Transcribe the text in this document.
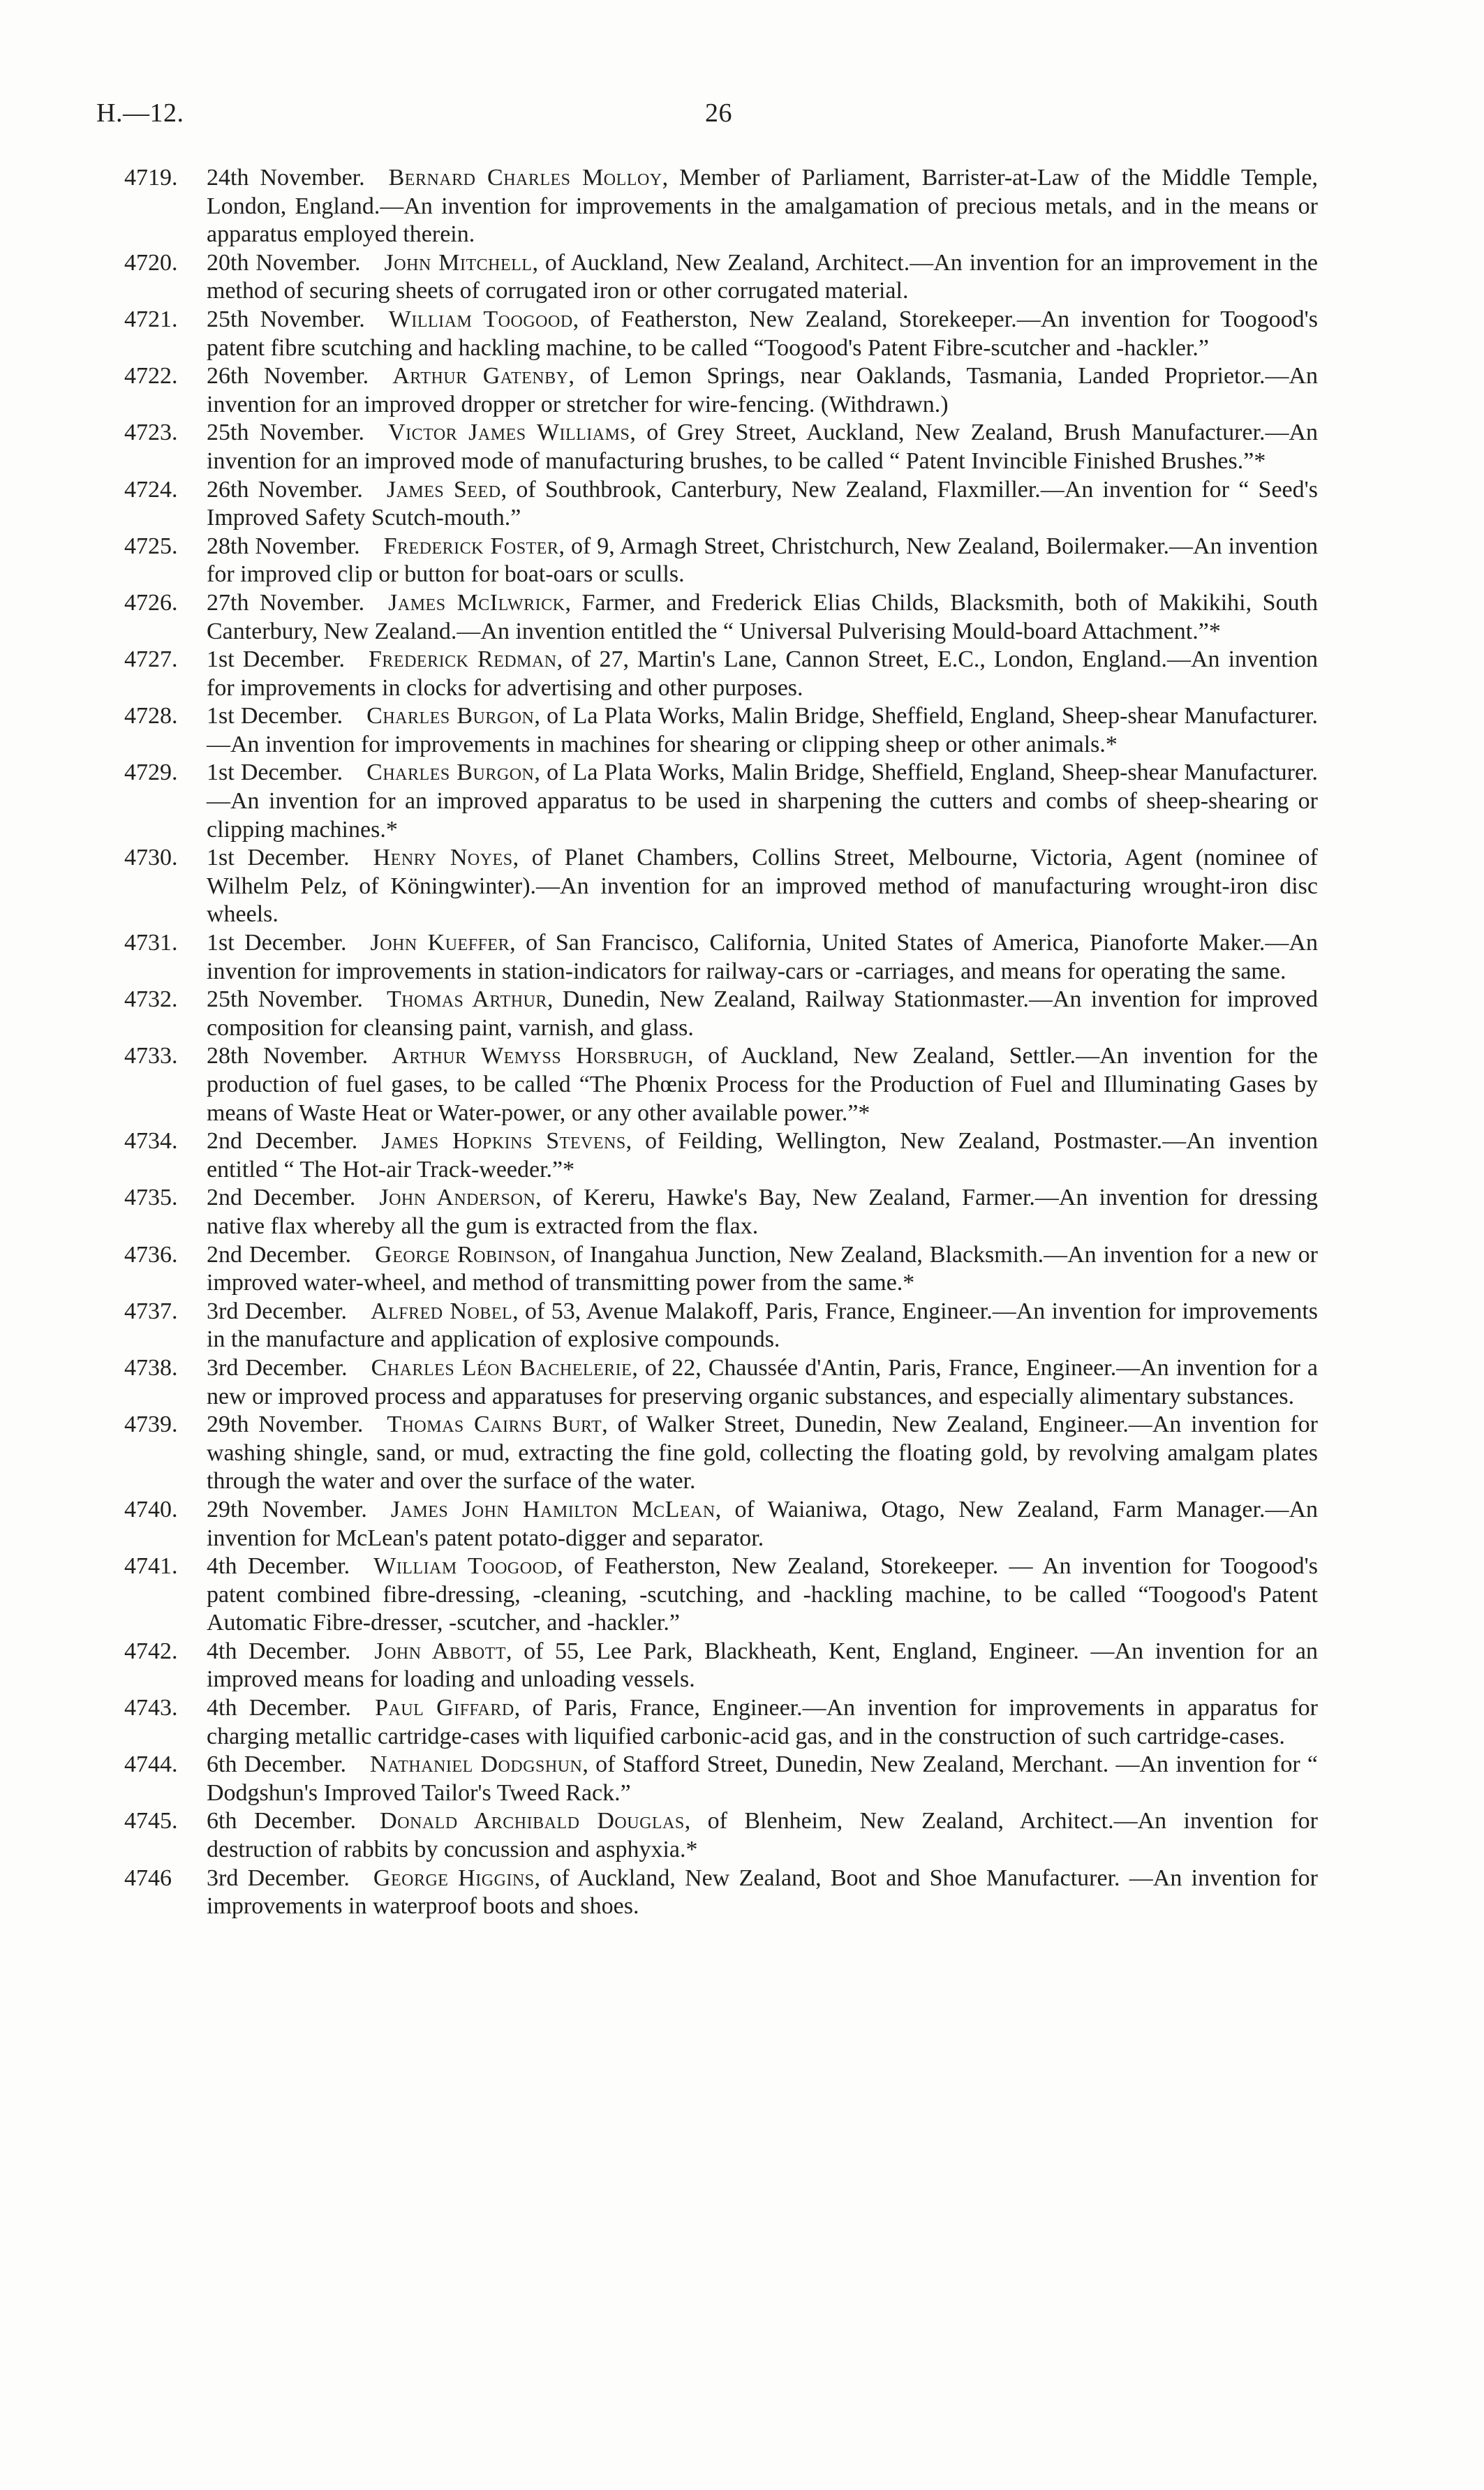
H.—12.	26
4719. 24th November.  Bernard Charles Molloy, Member of Parliament, Barrister-at-Law of the Middle Temple, London, England.—An invention for improvements in the amalgamation of precious metals, and in the means or apparatus employed therein.
4720. 20th November.  John Mitchell, of Auckland, New Zealand, Architect.—An invention for an improvement in the method of securing sheets of corrugated iron or other corrugated material.
4721. 25th November.  William Toogood, of Featherston, New Zealand, Storekeeper.—An invention for Toogood's patent fibre scutching and hackling machine, to be called “Toogood's Patent Fibre-scutcher and -hackler.”
4722. 26th November.  Arthur Gatenby, of Lemon Springs, near Oaklands, Tasmania, Landed Proprietor.—An invention for an improved dropper or stretcher for wire-fencing. (Withdrawn.)
4723. 25th November.  Victor James Williams, of Grey Street, Auckland, New Zealand, Brush Manufacturer.—An invention for an improved mode of manufacturing brushes, to be called “ Patent Invincible Finished Brushes.”*
4724. 26th November.  James Seed, of Southbrook, Canterbury, New Zealand, Flaxmiller.—An invention for “ Seed's Improved Safety Scutch-mouth.”
4725. 28th November.  Frederick Foster, of 9, Armagh Street, Christchurch, New Zealand, Boilermaker.—An invention for improved clip or button for boat-oars or sculls.
4726. 27th November.  James McIlwrick, Farmer, and Frederick Elias Childs, Blacksmith, both of Makikihi, South Canterbury, New Zealand.—An invention entitled the “ Universal Pulverising Mould-board Attachment.”*
4727. 1st December.  Frederick Redman, of 27, Martin's Lane, Cannon Street, E.C., London, England.—An invention for improvements in clocks for advertising and other purposes.
4728. 1st December.  Charles Burgon, of La Plata Works, Malin Bridge, Sheffield, England, Sheep-shear Manufacturer.—An invention for improvements in machines for shearing or clipping sheep or other animals.*
4729. 1st December.  Charles Burgon, of La Plata Works, Malin Bridge, Sheffield, England, Sheep-shear Manufacturer.—An invention for an improved apparatus to be used in sharpening the cutters and combs of sheep-shearing or clipping machines.*
4730. 1st December.  Henry Noyes, of Planet Chambers, Collins Street, Melbourne, Victoria, Agent (nominee of Wilhelm Pelz, of Köningwinter).—An invention for an improved method of manufacturing wrought-iron disc wheels.
4731. 1st December.  John Kueffer, of San Francisco, California, United States of America, Pianoforte Maker.—An invention for improvements in station-indicators for railway-cars or -carriages, and means for operating the same.
4732. 25th November.  Thomas Arthur, Dunedin, New Zealand, Railway Stationmaster.—An invention for improved composition for cleansing paint, varnish, and glass.
4733. 28th November.  Arthur Wemyss Horsbrugh, of Auckland, New Zealand, Settler.—An invention for the production of fuel gases, to be called “The Phœnix Process for the Production of Fuel and Illuminating Gases by means of Waste Heat or Water-power, or any other available power.”*
4734. 2nd December.  James Hopkins Stevens, of Feilding, Wellington, New Zealand, Postmaster.—An invention entitled “ The Hot-air Track-weeder.”*
4735. 2nd December.  John Anderson, of Kereru, Hawke's Bay, New Zealand, Farmer.—An invention for dressing native flax whereby all the gum is extracted from the flax.
4736. 2nd December.  George Robinson, of Inangahua Junction, New Zealand, Blacksmith.—An invention for a new or improved water-wheel, and method of transmitting power from the same.*
4737. 3rd December.  Alfred Nobel, of 53, Avenue Malakoff, Paris, France, Engineer.—An invention for improvements in the manufacture and application of explosive compounds.
4738. 3rd December.  Charles Léon Bachelerie, of 22, Chaussée d'Antin, Paris, France, Engineer.—An invention for a new or improved process and apparatuses for preserving organic substances, and especially alimentary substances.
4739. 29th November.  Thomas Cairns Burt, of Walker Street, Dunedin, New Zealand, Engineer.—An invention for washing shingle, sand, or mud, extracting the fine gold, collecting the floating gold, by revolving amalgam plates through the water and over the surface of the water.
4740. 29th November.  James John Hamilton McLean, of Waianiwa, Otago, New Zealand, Farm Manager.—An invention for McLean's patent potato-digger and separator.
4741. 4th December.  William Toogood, of Featherston, New Zealand, Storekeeper. — An invention for Toogood's patent combined fibre-dressing, -cleaning, -scutching, and -hackling machine, to be called “Toogood's Patent Automatic Fibre-dresser, -scutcher, and -hackler.”
4742. 4th December.  John Abbott, of 55, Lee Park, Blackheath, Kent, England, Engineer. —An invention for an improved means for loading and unloading vessels.
4743. 4th December.  Paul Giffard, of Paris, France, Engineer.—An invention for improvements in apparatus for charging metallic cartridge-cases with liquified carbonic-acid gas, and in the construction of such cartridge-cases.
4744. 6th December.  Nathaniel Dodgshun, of Stafford Street, Dunedin, New Zealand, Merchant. —An invention for “ Dodgshun's Improved Tailor's Tweed Rack.”
4745. 6th December.  Donald Archibald Douglas, of Blenheim, New Zealand, Architect.—An invention for destruction of rabbits by concussion and asphyxia.*
4746 3rd December.  George Higgins, of Auckland, New Zealand, Boot and Shoe Manufacturer. —An invention for improvements in waterproof boots and shoes.
